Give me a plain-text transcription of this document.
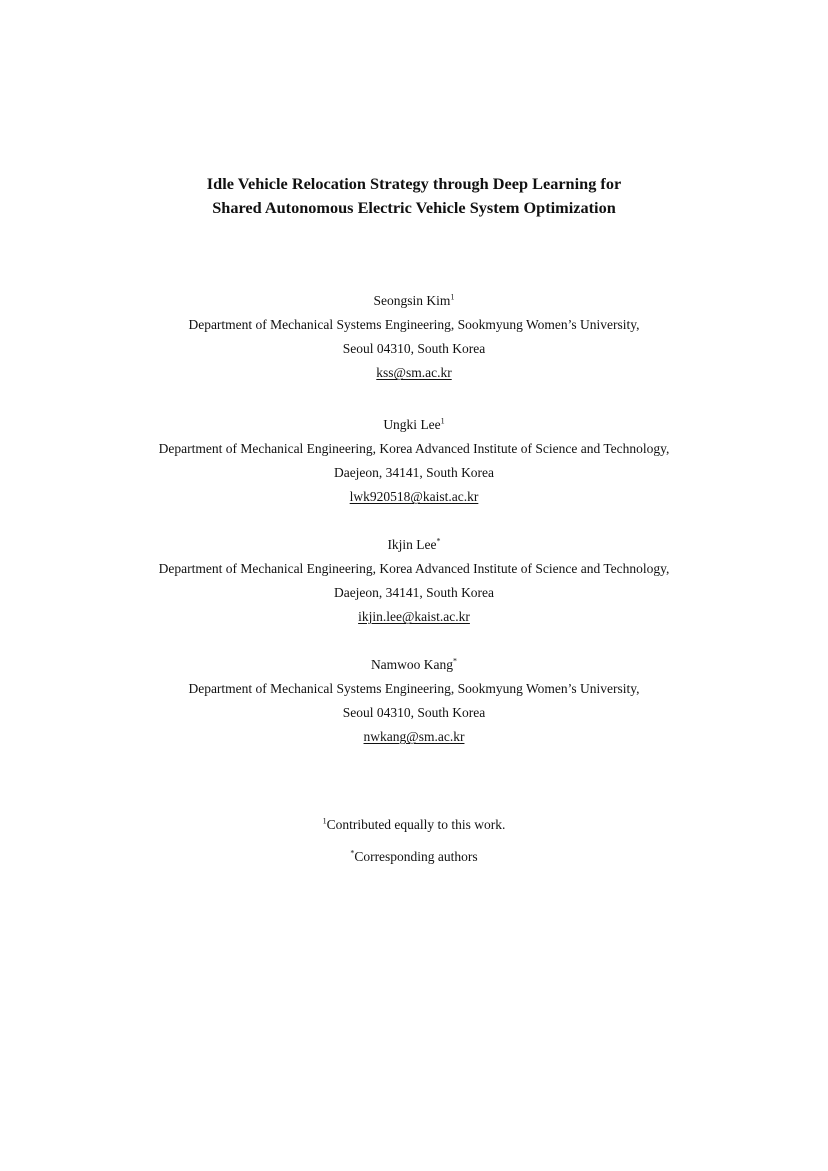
Idle Vehicle Relocation Strategy through Deep Learning for
Shared Autonomous Electric Vehicle System Optimization
Seongsin Kim$^1$
Department of Mechanical Systems Engineering, Sookmyung Women’s University,
Seoul 04310, South Korea
kss@sm.ac.kr
Ungki Lee$^1$
Department of Mechanical Engineering, Korea Advanced Institute of Science and Technology,
Daejeon, 34141, South Korea
lwk920518@kaist.ac.kr
Ikjin Lee*
Department of Mechanical Engineering, Korea Advanced Institute of Science and Technology,
Daejeon, 34141, South Korea
ikjin.lee@kaist.ac.kr
Namwoo Kang*
Department of Mechanical Systems Engineering, Sookmyung Women’s University,
Seoul 04310, South Korea
nwkang@sm.ac.kr
$^1$Contributed equally to this work.
*Corresponding authors
